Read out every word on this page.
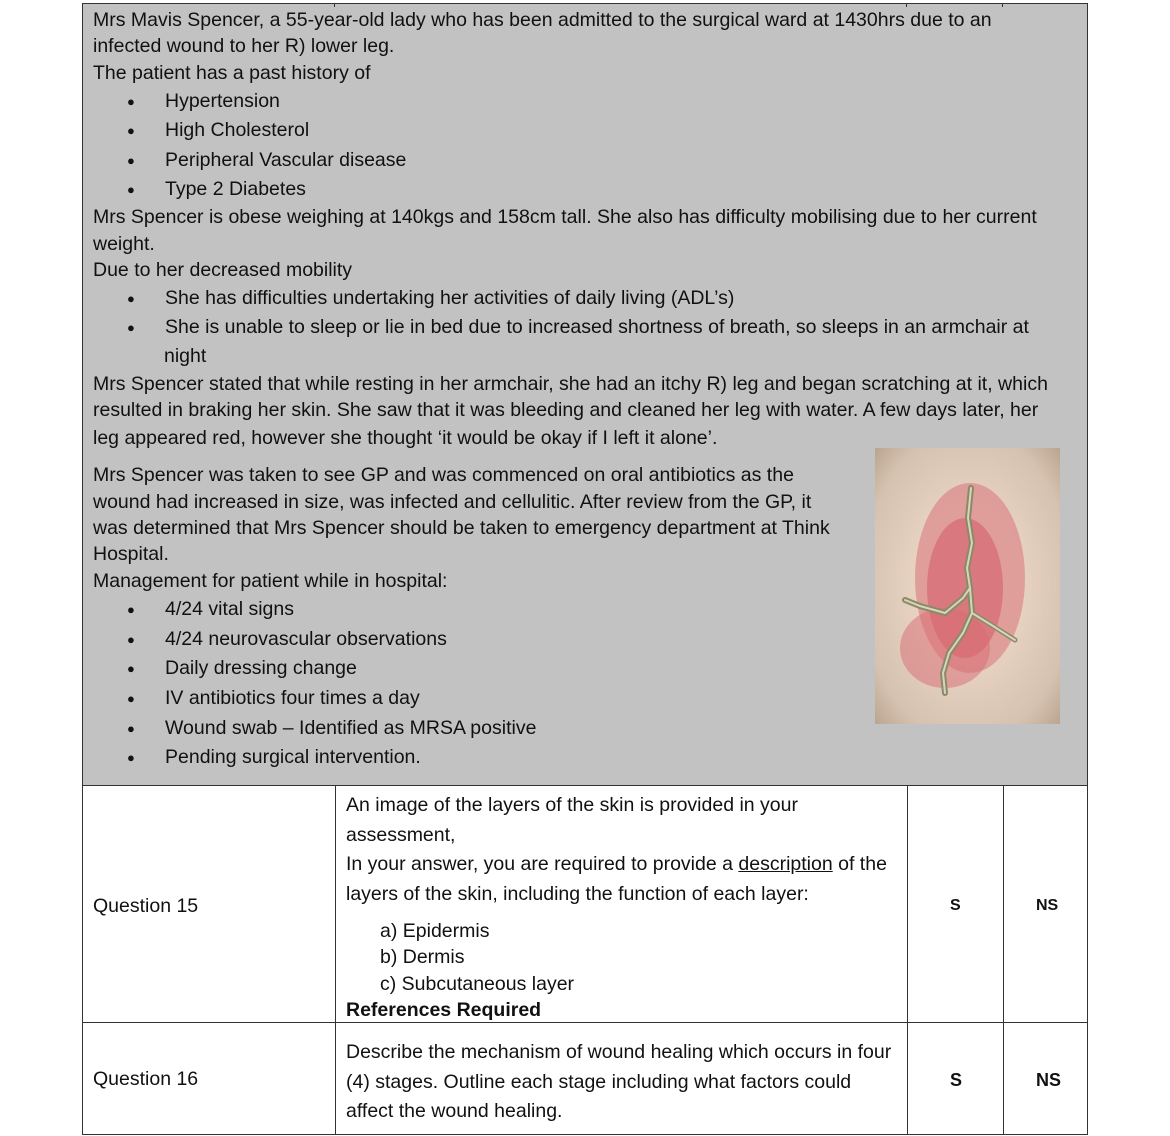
Mrs Mavis Spencer, a 55-year-old lady who has been admitted to the surgical ward at 1430hrs due to an

infected wound to her R) lower leg.

The patient has a past history of

● Hypertension

● High Cholesterol

● Peripheral Vascular disease

● Type 2 Diabetes

Mrs Spencer is obese weighing at 140kgs and 158cm tall. She also has difficulty mobilising due to her current

weight.

Due to her decreased mobility

● She has difficulties undertaking her activities of daily living (ADL’s)

● She is unable to sleep or lie in bed due to increased shortness of breath, so sleeps in an armchair at

night

Mrs Spencer stated that while resting in her armchair, she had an itchy R) leg and began scratching at it, which

resulted in braking her skin. She saw that it was bleeding and cleaned her leg with water. A few days later, her

leg appeared red, however she thought ‘it would be okay if I left it alone’.

Mrs Spencer was taken to see GP and was commenced on oral antibiotics as the

wound had increased in size, was infected and cellulitic. After review from the GP, it

was determined that Mrs Spencer should be taken to emergency department at Think

Hospital.

Management for patient while in hospital:

● 4/24 vital signs

● 4/24 neurovascular observations

● Daily dressing change

● IV antibiotics four times a day

● Wound swab – Identified as MRSA positive

● Pending surgical intervention.

Question 15
An image of the layers of the skin is provided in your
assessment,
In your answer, you are required to provide a description of the
layers of the skin, including the function of each layer:
a) Epidermis
b) Dermis
c) Subcutaneous layer
References Required
S	NS
Question 16
Describe the mechanism of wound healing which occurs in four
(4) stages. Outline each stage including what factors could
affect the wound healing.
S	NS
